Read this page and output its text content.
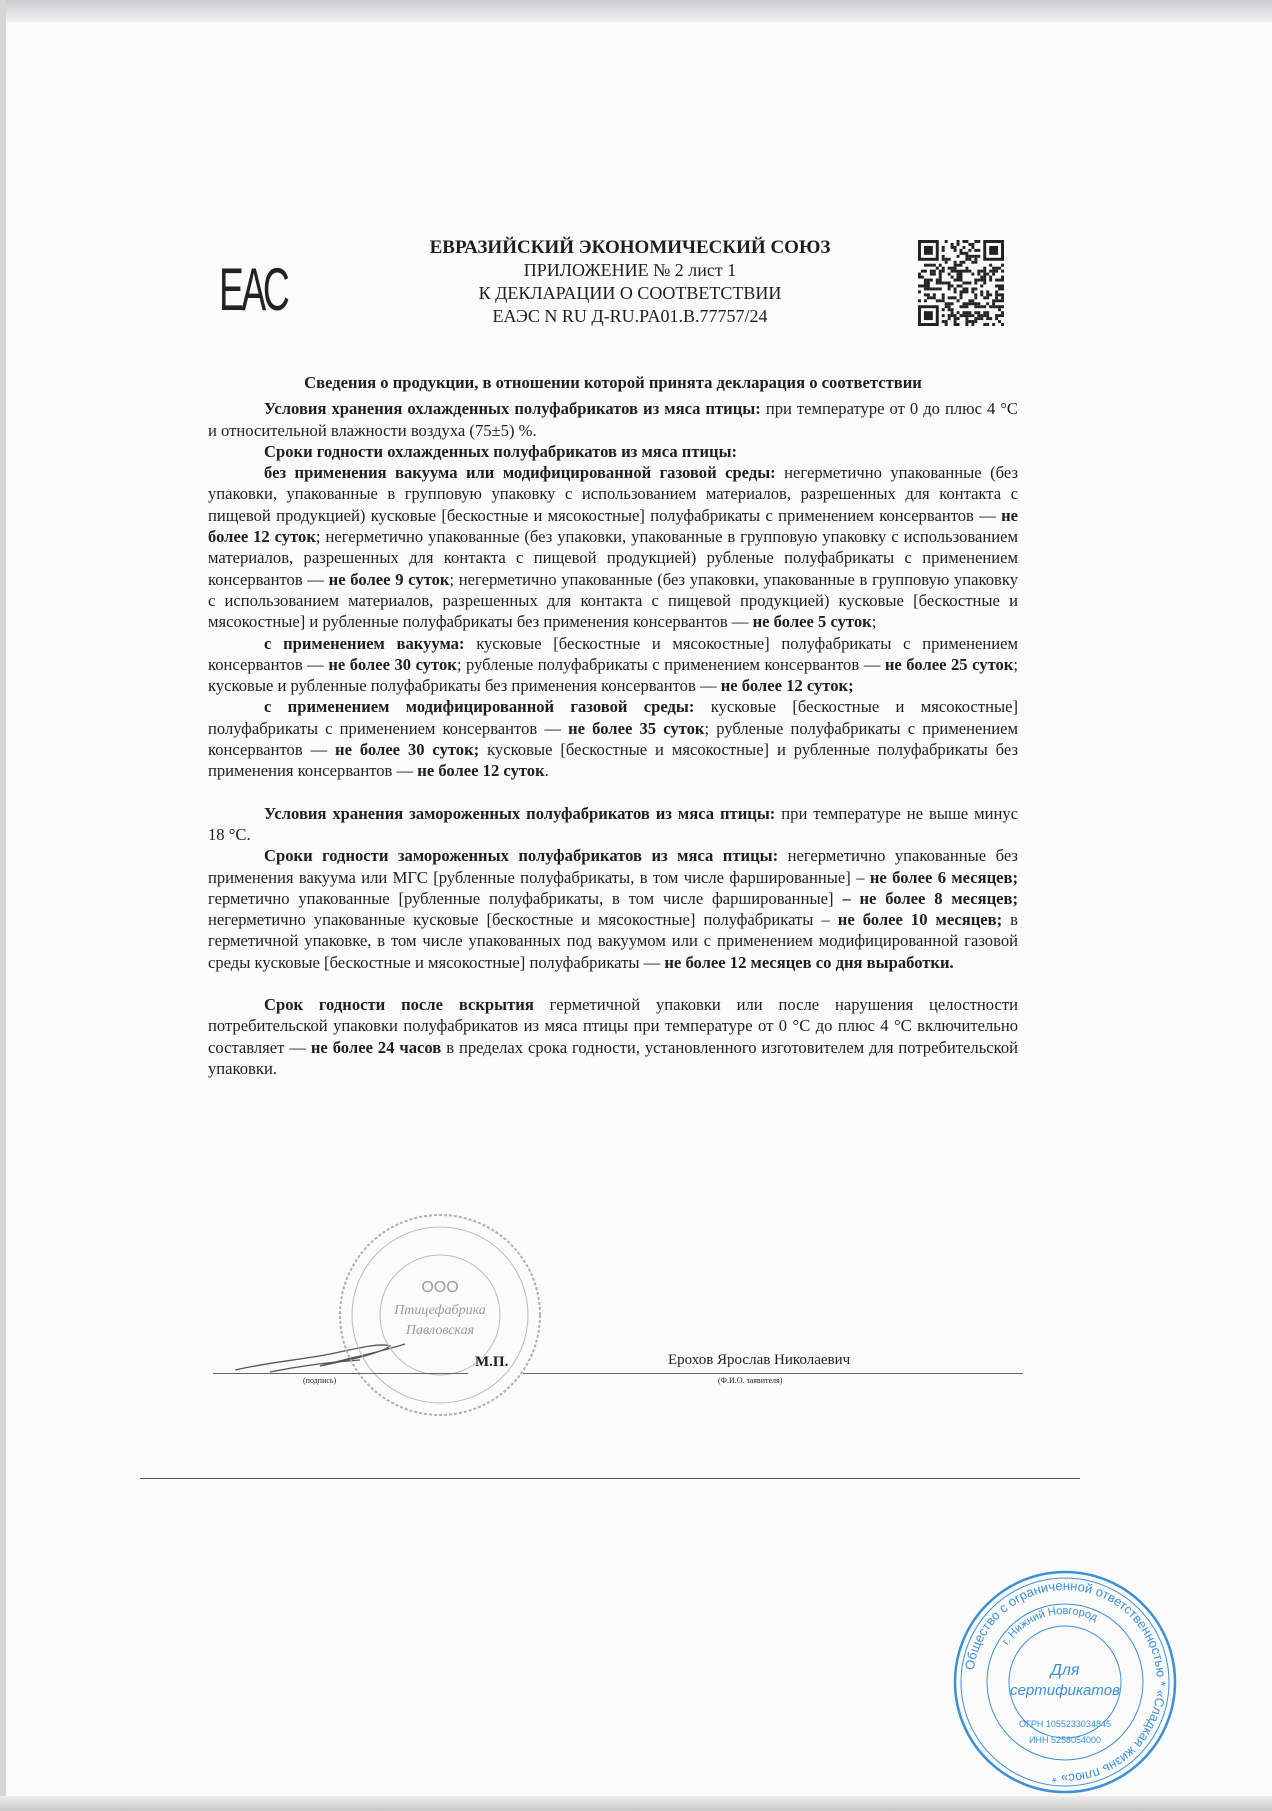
ЕАС
ЕВРАЗИЙСКИЙ ЭКОНОМИЧЕСКИЙ СОЮЗ
ПРИЛОЖЕНИЕ № 2 лист 1
К ДЕКЛАРАЦИИ О СООТВЕТСТВИИ
ЕАЭС N RU Д-RU.PA01.B.77757/24

Сведения о продукции, в отношении которой принята декларация о соответствии

Условия хранения охлажденных полуфабрикатов из мяса птицы: при температуре от 0 до плюс 4 °С и относительной влажности воздуха (75±5) %.

Сроки годности охлажденных полуфабрикатов из мяса птицы:

без применения вакуума или модифицированной газовой среды: негерметично упакованные (без упаковки, упакованные в групповую упаковку с использованием материалов, разрешенных для контакта с пищевой продукцией) кусковые [бескостные и мясокостные] полуфабрикаты с применением консервантов — не более 12 суток; негерметично упакованные (без упаковки, упакованные в групповую упаковку с использованием материалов, разрешенных для контакта с пищевой продукцией) рубленые полуфабрикаты с применением консервантов — не более 9 суток; негерметично упакованные (без упаковки, упакованные в групповую упаковку с использованием материалов, разрешенных для контакта с пищевой продукцией) кусковые [бескостные и мясокостные] и рубленные полуфабрикаты без применения консервантов — не более 5 суток;

с применением вакуума: кусковые [бескостные и мясокостные] полуфабрикаты с применением консервантов — не более 30 суток; рубленые полуфабрикаты с применением консервантов — не более 25 суток; кусковые и рубленные полуфабрикаты без применения консервантов — не более 12 суток;

с применением модифицированной газовой среды: кусковые [бескостные и мясокостные] полуфабрикаты с применением консервантов — не более 35 суток; рубленые полуфабрикаты с применением консервантов — не более 30 суток; кусковые [бескостные и мясокостные] и рубленные полуфабрикаты без применения консервантов — не более 12 суток.

Условия хранения замороженных полуфабрикатов из мяса птицы: при температуре не выше минус 18 °С.

Сроки годности замороженных полуфабрикатов из мяса птицы: негерметично упакованные без применения вакуума или МГС [рубленные полуфабрикаты, в том числе фаршированные] – не более 6 месяцев; герметично упакованные [рубленные полуфабрикаты, в том числе фаршированные] – не более 8 месяцев; негерметично упакованные кусковые [бескостные и мясокостные] полуфабрикаты – не более 10 месяцев; в герметичной упаковке, в том числе упакованных под вакуумом или с применением модифицированной газовой среды кусковые [бескостные и мясокостные] полуфабрикаты — не более 12 месяцев со дня выработки.

Срок годности после вскрытия герметичной упаковки или после нарушения целостности потребительской упаковки полуфабрикатов из мяса птицы при температуре от 0 °С до плюс 4 °С включительно составляет — не более 24 часов в пределах срока годности, установленного изготовителем для потребительской упаковки.

ООО
Птицефабрика
Павловская
М.П.	Ерохов Ярослав Николаевич
(подпись)	(Ф.И.О. заявителя)
Общество с ограниченной ответственностью * «Сладкая жизнь плюс» *
г. Нижний Новгород
ОГРН 1055233034845
ИНН 5258054000
Для
сертификатов
